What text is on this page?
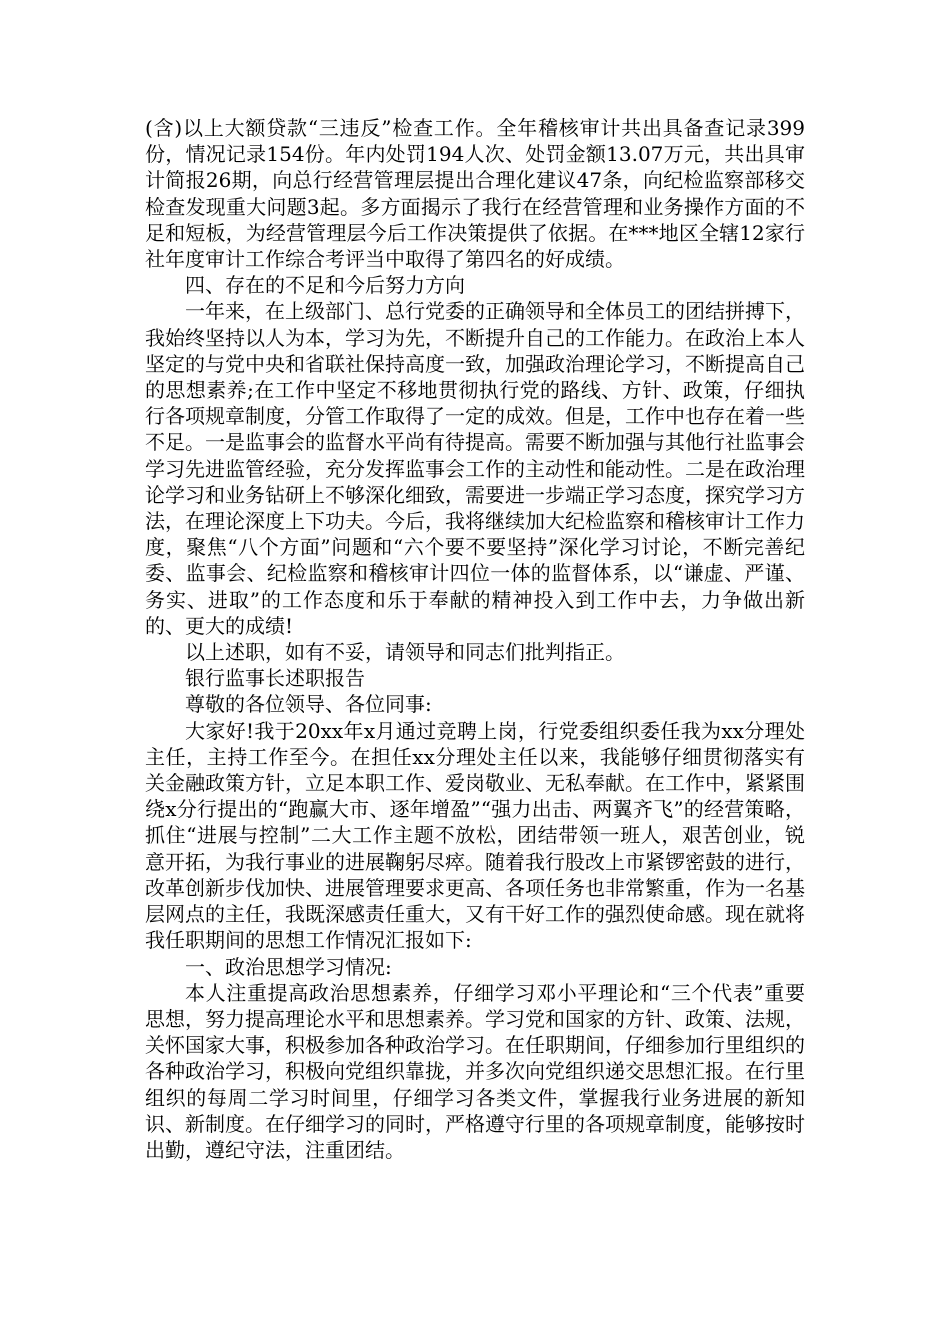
(含)以上大额贷款“三违反”检查工作。全年稽核审计共出具备查记录399份，情况记录154份。年内处罚194人次、处罚金额13.07万元，共出具审计简报26期，向总行经营管理层提出合理化建议47条，向纪检监察部移交检查发现重大问题3起。多方面揭示了我行在经营管理和业务操作方面的不足和短板，为经营管理层今后工作决策提供了依据。在***地区全辖12家行社年度审计工作综合考评当中取得了第四名的好成绩。

四、存在的不足和今后努力方向

一年来，在上级部门、总行党委的正确领导和全体员工的团结拼搏下，我始终坚持以人为本，学习为先，不断提升自己的工作能力。在政治上本人坚定的与党中央和省联社保持高度一致，加强政治理论学习，不断提高自己的思想素养;在工作中坚定不移地贯彻执行党的路线、方针、政策，仔细执行各项规章制度，分管工作取得了一定的成效。但是，工作中也存在着一些不足。一是监事会的监督水平尚有待提高。需要不断加强与其他行社监事会学习先进监管经验，充分发挥监事会工作的主动性和能动性。二是在政治理论学习和业务钻研上不够深化细致，需要进一步端正学习态度，探究学习方法，在理论深度上下功夫。今后，我将继续加大纪检监察和稽核审计工作力度，聚焦“八个方面”问题和“六个要不要坚持”深化学习讨论，不断完善纪委、监事会、纪检监察和稽核审计四位一体的监督体系，以“谦虚、严谨、务实、进取”的工作态度和乐于奉献的精神投入到工作中去，力争做出新的、更大的成绩!

以上述职，如有不妥，请领导和同志们批判指正。

银行监事长述职报告

尊敬的各位领导、各位同事:

大家好!我于20xx年x月通过竞聘上岗，行党委组织委任我为xx分理处主任，主持工作至今。在担任xx分理处主任以来，我能够仔细贯彻落实有关金融政策方针，立足本职工作、爱岗敬业、无私奉献。在工作中，紧紧围绕x分行提出的“跑赢大市、逐年增盈”“强力出击、两翼齐飞”的经营策略，抓住“进展与控制”二大工作主题不放松，团结带领一班人，艰苦创业，锐意开拓，为我行事业的进展鞠躬尽瘁。随着我行股改上市紧锣密鼓的进行，改革创新步伐加快、进展管理要求更高、各项任务也非常繁重，作为一名基层网点的主任，我既深感责任重大，又有干好工作的强烈使命感。现在就将我任职期间的思想工作情况汇报如下:

一、政治思想学习情况:

本人注重提高政治思想素养，仔细学习邓小平理论和“三个代表”重要思想，努力提高理论水平和思想素养。学习党和国家的方针、政策、法规，关怀国家大事，积极参加各种政治学习。在任职期间，仔细参加行里组织的各种政治学习，积极向党组织靠拢，并多次向党组织递交思想汇报。在行里组织的每周二学习时间里，仔细学习各类文件，掌握我行业务进展的新知识、新制度。在仔细学习的同时，严格遵守行里的各项规章制度，能够按时出勤，遵纪守法，注重团结。
